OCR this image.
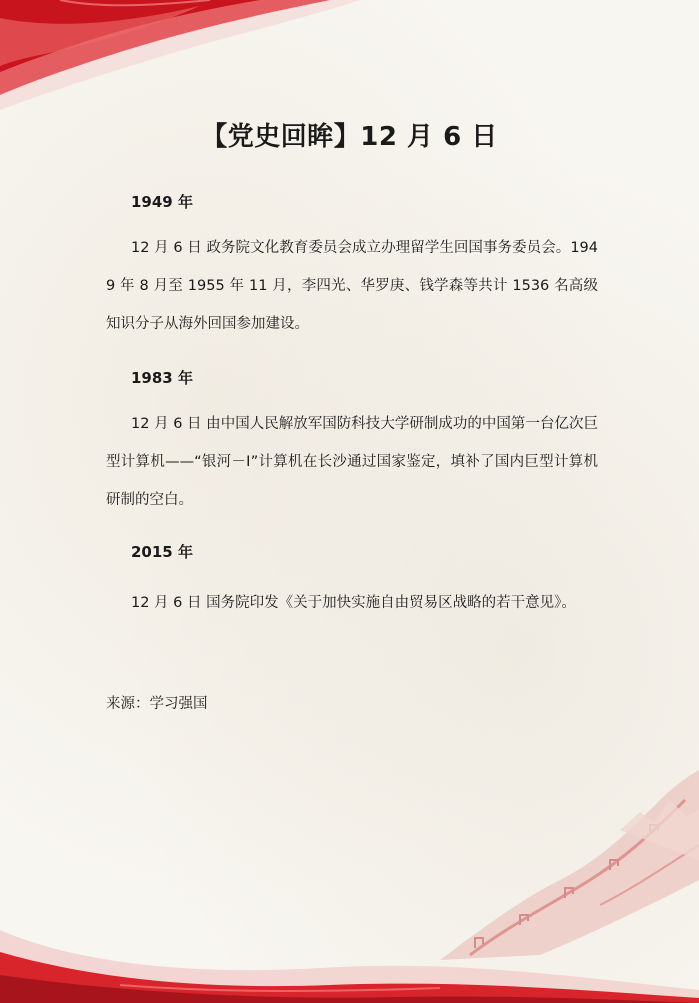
【党史回眸】12 月 6 日

1949 年

12 月 6 日 政务院文化教育委员会成立办理留学生回国事务委员会。1949 年 8 月至 1955 年 11 月，李四光、华罗庚、钱学森等共计 1536 名高级知识分子从海外回国参加建设。

1983 年

12 月 6 日 由中国人民解放军国防科技大学研制成功的中国第一台亿次巨型计算机——“银河－Ⅰ”计算机在长沙通过国家鉴定，填补了国内巨型计算机研制的空白。

2015 年

12 月 6 日 国务院印发《关于加快实施自由贸易区战略的若干意见》。

来源：学习强国
